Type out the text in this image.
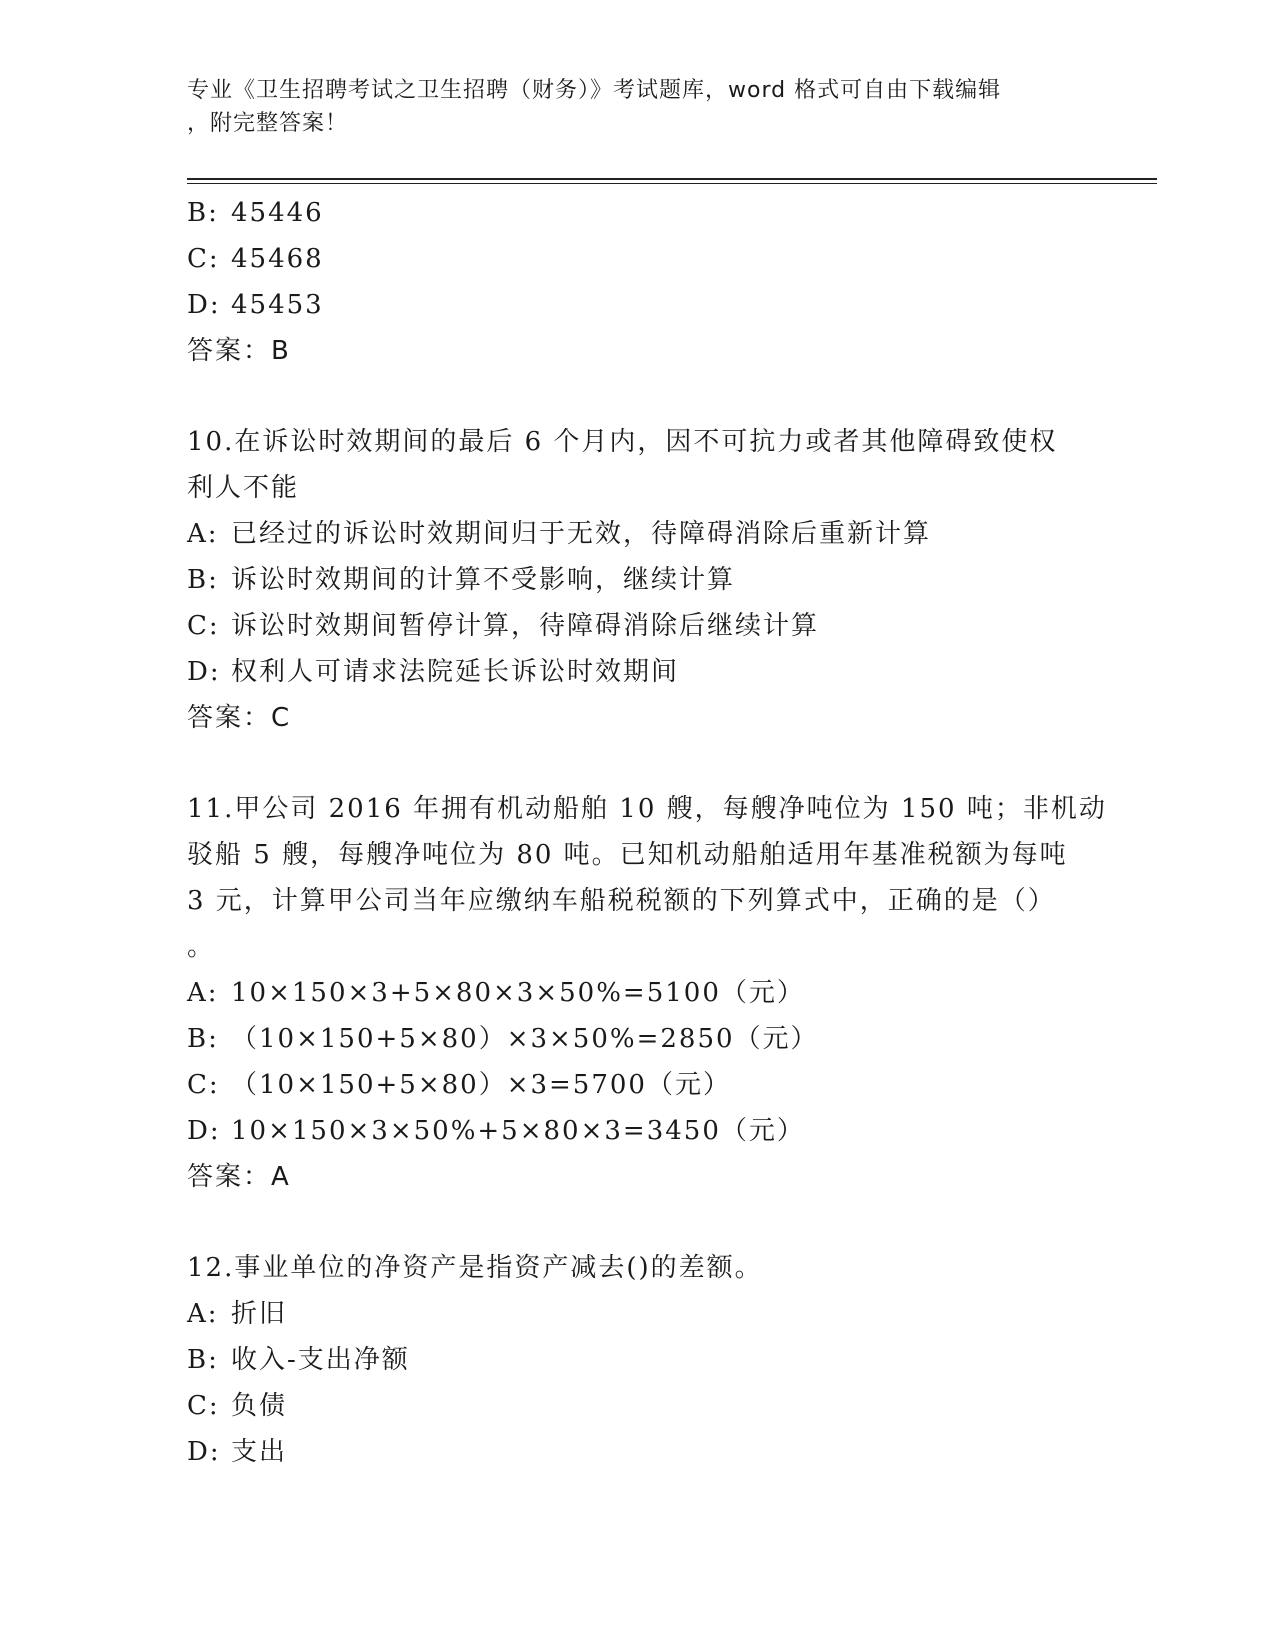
专业《卫生招聘考试之卫生招聘（财务）》考试题库，word 格式可自由下载编辑
，附完整答案！
B: 45446
C: 45468
D: 45453
答案：B
10.在诉讼时效期间的最后 6 个月内，因不可抗力或者其他障碍致使权
利人不能
A: 已经过的诉讼时效期间归于无效，待障碍消除后重新计算
B: 诉讼时效期间的计算不受影响，继续计算
C: 诉讼时效期间暂停计算，待障碍消除后继续计算
D: 权利人可请求法院延长诉讼时效期间
答案：C
11.甲公司 2016 年拥有机动船舶 10 艘，每艘净吨位为 150 吨；非机动
驳船 5 艘，每艘净吨位为 80 吨。已知机动船舶适用年基准税额为每吨
3 元，计算甲公司当年应缴纳车船税税额的下列算式中，正确的是（）
。
A: 10×150×3+5×80×3×50%=5100（元）
B: （10×150+5×80）×3×50%=2850（元）
C: （10×150+5×80）×3=5700（元）
D: 10×150×3×50%+5×80×3=3450（元）
答案：A
12.事业单位的净资产是指资产减去()的差额。
A: 折旧
B: 收入-支出净额
C: 负债
D: 支出
